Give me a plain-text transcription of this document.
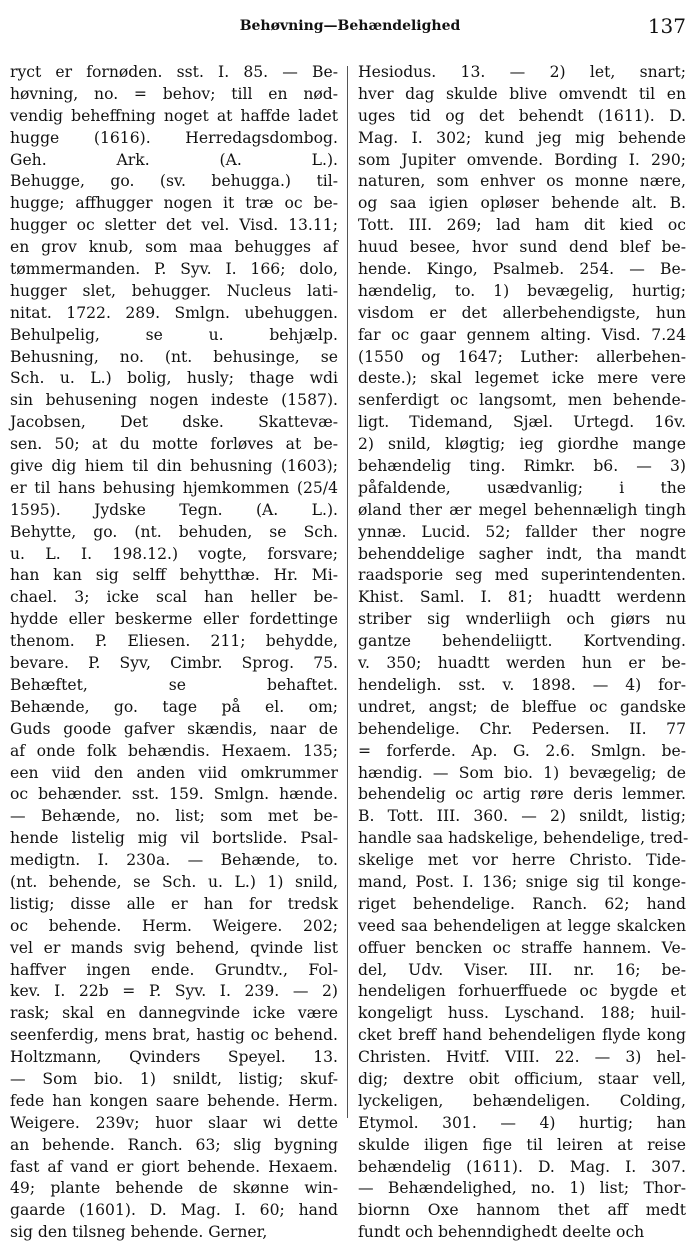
Behøvning—Behændelighed	137
ryct er fornøden. sst. I. 85. — Be-
høvning, no. = behov; till en nød-
vendig beheffning noget at haffde ladet
hugge (1616). Herredagsdombog.
Geh. Ark. (A. L.).
Behugge, go. (sv. behugga.) til-
hugge; affhugger nogen it træ oc be-
hugger oc sletter det vel. Visd. 13.11;
en grov knub, som maa behugges af
tømmermanden. P. Syv. I. 166; dolo,
hugger slet, behugger. Nucleus lati-
nitat. 1722. 289. Smlgn. ubehuggen.
Behulpelig, se u. behjælp.
Behusning, no. (nt. behusinge, se
Sch. u. L.) bolig, husly; thage wdi
sin behusening nogen indeste (1587).
Jacobsen, Det dske. Skattevæ-
sen. 50; at du motte forløves at be-
give dig hiem til din behusning (1603);
er til hans behusing hjemkommen (25/4
1595). Jydske Tegn. (A. L.).
Behytte, go. (nt. behuden, se Sch.
u. L. I. 198.12.) vogte, forsvare;
han kan sig selff behytthæ. Hr. Mi-
chael. 3; icke scal han heller be-
hydde eller beskerme eller fordettinge
thenom. P. Eliesen. 211; behydde,
bevare. P. Syv, Cimbr. Sprog. 75.
Behæftet, se behaftet.
Behænde, go. tage på el. om;
Guds goode gafver skændis, naar de
af onde folk behændis. Hexaem. 135;
een viid den anden viid omkrummer
oc behænder. sst. 159. Smlgn. hænde.
— Behænde, no. list; som met be-
hende listelig mig vil bortslide. Psal-
medigtn. I. 230a. — Behænde, to.
(nt. behende, se Sch. u. L.) 1) snild,
listig; disse alle er han for tredsk
oc behende. Herm. Weigere. 202;
vel er mands svig behend, qvinde list
haffver ingen ende. Grundtv., Fol-
kev. I. 22b = P. Syv. I. 239. — 2)
rask; skal en dannegvinde icke være
seenferdig, mens brat, hastig oc behend.
Holtzmann, Qvinders Speyel. 13.
— Som bio. 1) snildt, listig; skuf-
fede han kongen saare behende. Herm.
Weigere. 239v; huor slaar wi dette
an behende. Ranch. 63; slig bygning
fast af vand er giort behende. Hexaem.
49; plante behende de skønne win-
gaarde (1601). D. Mag. I. 60; hand
sig den tilsneg behende. Gerner,
Hesiodus. 13. — 2) let, snart;
hver dag skulde blive omvendt til en
uges tid og det behendt (1611). D.
Mag. I. 302; kund jeg mig behende
som Jupiter omvende. Bording I. 290;
naturen, som enhver os monne nære,
og saa igien opløser behende alt. B.
Tott. III. 269; lad ham dit kied oc
huud besee, hvor sund dend blef be-
hende. Kingo, Psalmeb. 254. — Be-
hændelig, to. 1) bevægelig, hurtig;
visdom er det allerbehendigste, hun
far oc gaar gennem alting. Visd. 7.24
(1550 og 1647; Luther: allerbehen-
deste.); skal legemet icke mere vere
senferdigt oc langsomt, men behende-
ligt. Tidemand, Sjæl. Urtegd. 16v.
2) snild, kløgtig; ieg giordhe mange
behændelig ting. Rimkr. b6. — 3)
påfaldende, usædvanlig; i the
øland ther ær megel behennæligh tingh
ynnæ. Lucid. 52; fallder ther nogre
behenddelige sagher indt, tha mandt
raadsporie seg med superintendenten.
Khist. Saml. I. 81; huadtt werdenn
striber sig wnderliigh och giørs nu
gantze behendeliigtt. Kortvending.
v. 350; huadtt werden hun er be-
hendeligh. sst. v. 1898. — 4) for-
undret, angst; de bleffue oc gandske
behendelige. Chr. Pedersen. II. 77
= forferde. Ap. G. 2.6. Smlgn. be-
hændig. — Som bio. 1) bevægelig; de
behendelig oc artig røre deris lemmer.
B. Tott. III. 360. — 2) snildt, listig;
handle saa hadskelige, behendelige, tred-
skelige met vor herre Christo. Tide-
mand, Post. I. 136; snige sig til konge-
riget behendelige. Ranch. 62; hand
veed saa behendeligen at legge skalcken
offuer bencken oc straffe hannem. Ve-
del, Udv. Viser. III. nr. 16; be-
hendeligen forhuerffuede oc bygde et
kongeligt huss. Lyschand. 188; huil-
cket breff hand behendeligen flyde kong
Christen. Hvitf. VIII. 22. — 3) hel-
dig; dextre obit officium, staar vell,
lyckeligen, behændeligen. Colding,
Etymol. 301. — 4) hurtig; han
skulde iligen fige til leiren at reise
behændelig (1611). D. Mag. I. 307.
— Behændelighed, no. 1) list; Thor-
biornn Oxe hannom thet aff medt
fundt och behenndighedt deelte och
